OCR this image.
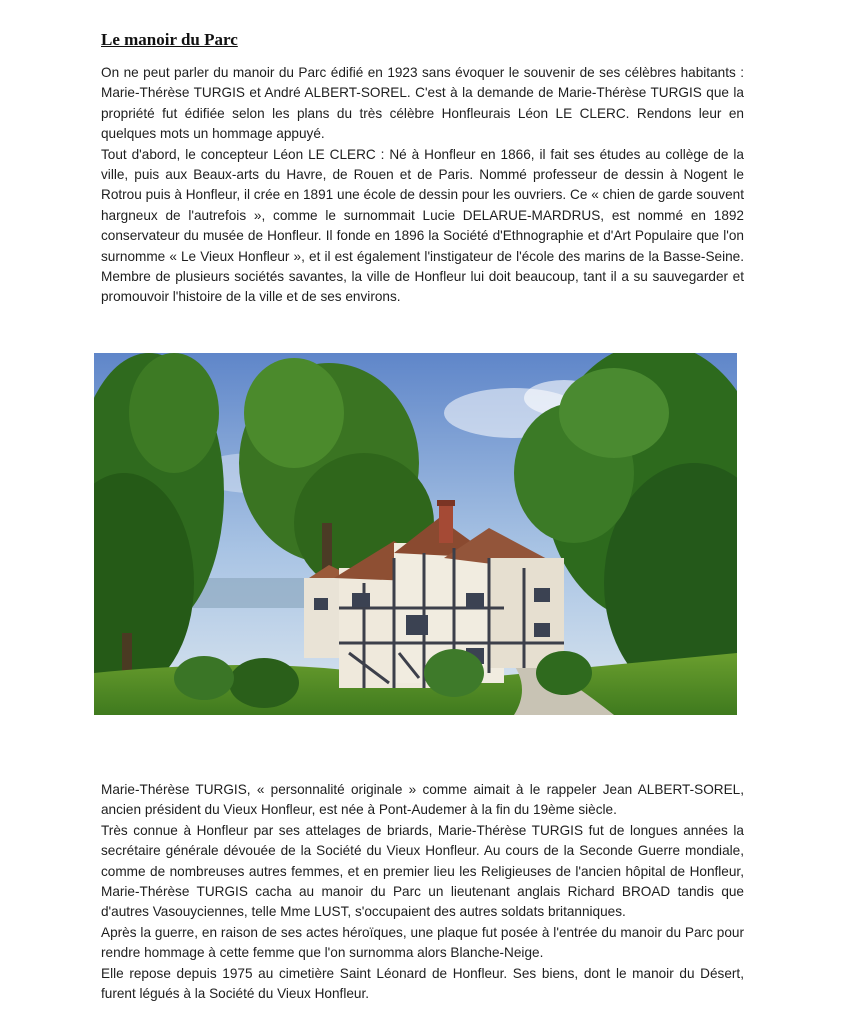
Le manoir du Parc

On ne peut parler du manoir du Parc édifié en 1923 sans évoquer le souvenir de ses célèbres habitants : Marie-Thérèse TURGIS et André ALBERT-SOREL. C'est à la demande de Marie-Thérèse TURGIS que la propriété fut édifiée selon les plans du très célèbre Honfleurais Léon LE CLERC. Rendons leur en quelques mots un hommage appuyé.

Tout d'abord, le concepteur Léon LE CLERC : Né à Honfleur en 1866, il fait ses études au collège de la ville, puis aux Beaux-arts du Havre, de Rouen et de Paris. Nommé professeur de dessin à Nogent le Rotrou puis à Honfleur, il crée en 1891 une école de dessin pour les ouvriers. Ce « chien de garde souvent hargneux de l'autrefois », comme le surnommait Lucie DELARUE-MARDRUS, est nommé en 1892 conservateur du musée de Honfleur. Il fonde en 1896 la Société d'Ethnographie et d'Art Populaire que l'on surnomme « Le Vieux Honfleur », et il est également l'instigateur de l'école des marins de la Basse-Seine. Membre de plusieurs sociétés savantes, la ville de Honfleur lui doit beaucoup, tant il a su sauvegarder et promouvoir l'histoire de la ville et de ses environs.

Marie-Thérèse TURGIS, « personnalité originale » comme aimait à le rappeler Jean ALBERT-SOREL, ancien président du Vieux Honfleur, est née à Pont-Audemer à la fin du 19ème siècle.

Très connue à Honfleur par ses attelages de briards, Marie-Thérèse TURGIS fut de longues années la secrétaire générale dévouée de la Société du Vieux Honfleur. Au cours de la Seconde Guerre mondiale, comme de nombreuses autres femmes, et en premier lieu les Religieuses de l'ancien hôpital de Honfleur, Marie-Thérèse TURGIS cacha au manoir du Parc un lieutenant anglais Richard BROAD tandis que d'autres Vasouyciennes, telle Mme LUST, s'occupaient des autres soldats britanniques.

Après la guerre, en raison de ses actes héroïques, une plaque fut posée à l'entrée du manoir du Parc pour rendre hommage à cette femme que l'on surnomma alors Blanche-Neige.

Elle repose depuis 1975 au cimetière Saint Léonard de Honfleur. Ses biens, dont le manoir du Désert, furent légués à la Société du Vieux Honfleur.
